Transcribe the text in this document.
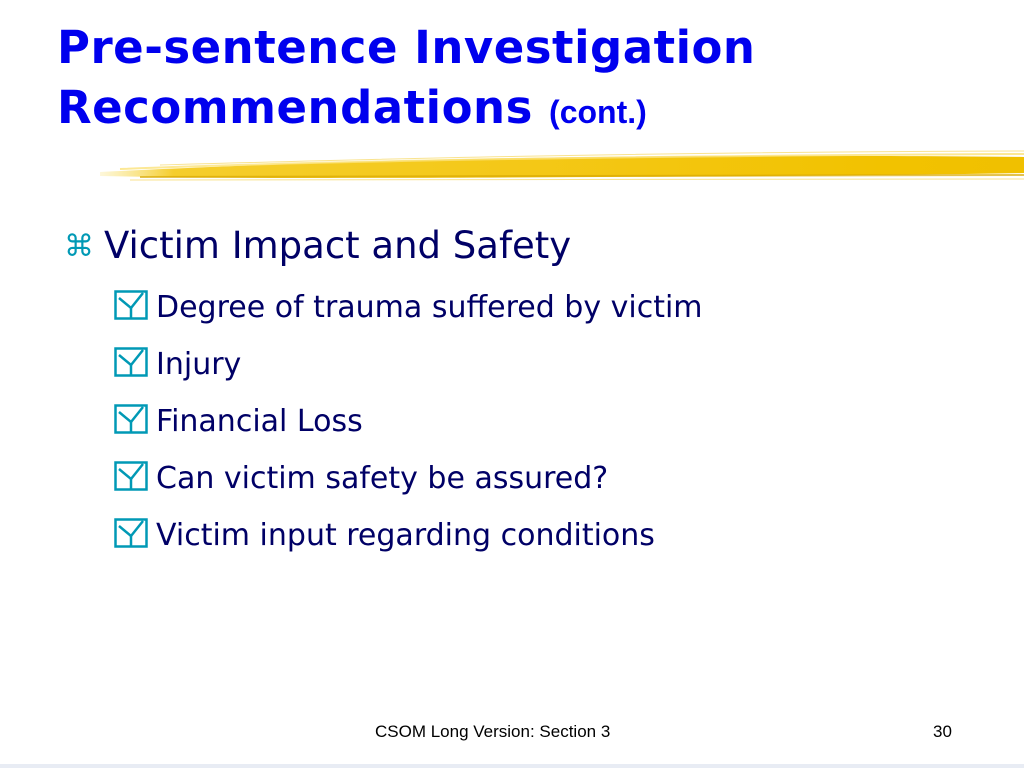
Pre-sentence Investigation
Recommendations (cont.)
⌘ Victim Impact and Safety
Degree of trauma suffered by victim
Injury
Financial Loss
Can victim safety be assured?
Victim input regarding conditions
CSOM Long Version: Section 3	30
